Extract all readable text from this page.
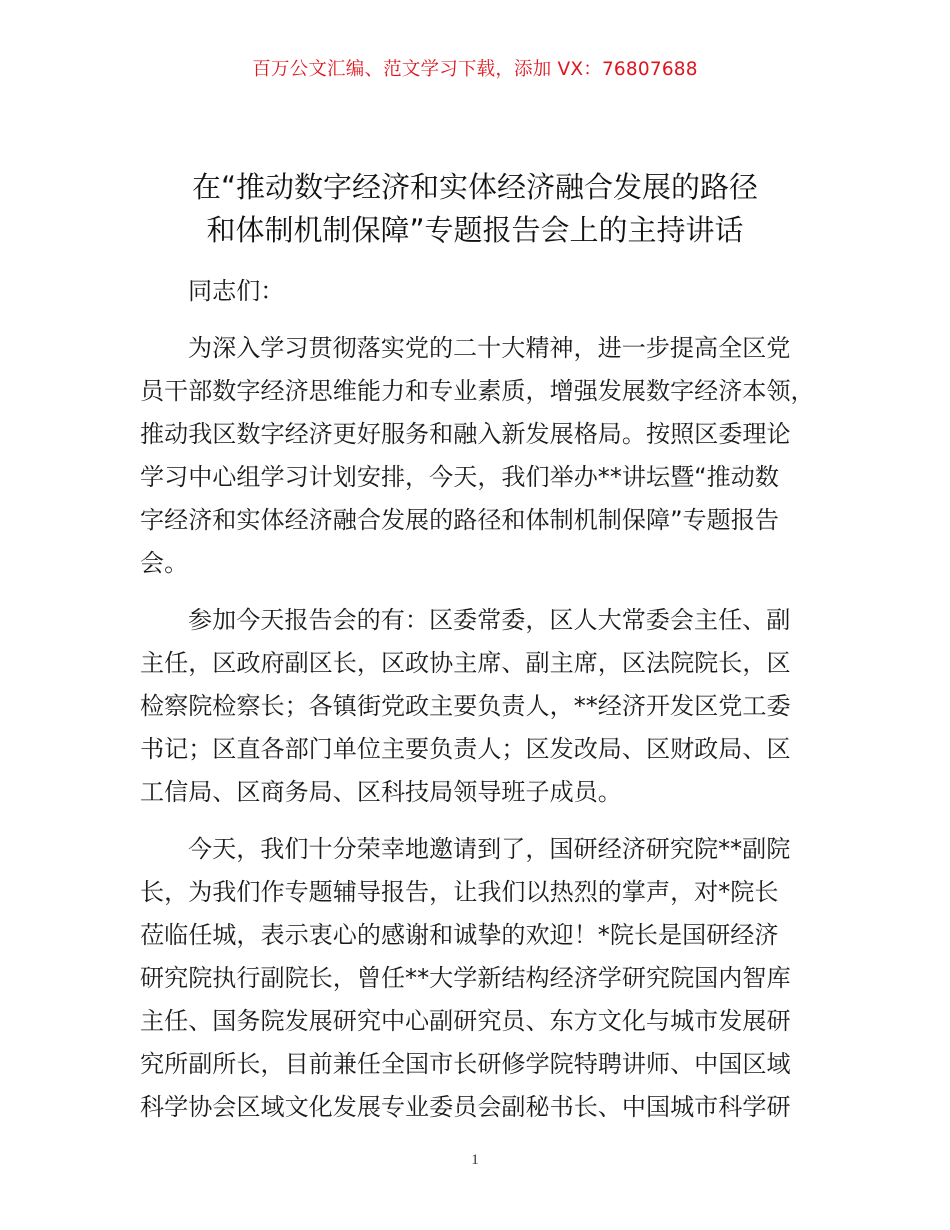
百万公文汇编、范文学习下载，添加 VX：76807688
在“推动数字经济和实体经济融合发展的路径
和体制机制保障”专题报告会上的主持讲话
同志们：
为深入学习贯彻落实党的二十大精神，进一步提高全区党
员干部数字经济思维能力和专业素质，增强发展数字经济本领，
推动我区数字经济更好服务和融入新发展格局。按照区委理论
学习中心组学习计划安排，今天，我们举办**讲坛暨“推动数
字经济和实体经济融合发展的路径和体制机制保障”专题报告
会。
参加今天报告会的有：区委常委，区人大常委会主任、副
主任，区政府副区长，区政协主席、副主席，区法院院长，区
检察院检察长；各镇街党政主要负责人，**经济开发区党工委
书记；区直各部门单位主要负责人；区发改局、区财政局、区
工信局、区商务局、区科技局领导班子成员。
今天，我们十分荣幸地邀请到了，国研经济研究院**副院
长，为我们作专题辅导报告，让我们以热烈的掌声，对*院长
莅临任城，表示衷心的感谢和诚挚的欢迎！*院长是国研经济
研究院执行副院长，曾任**大学新结构经济学研究院国内智库
主任、国务院发展研究中心副研究员、东方文化与城市发展研
究所副所长，目前兼任全国市长研修学院特聘讲师、中国区域
科学协会区域文化发展专业委员会副秘书长、中国城市科学研
1
